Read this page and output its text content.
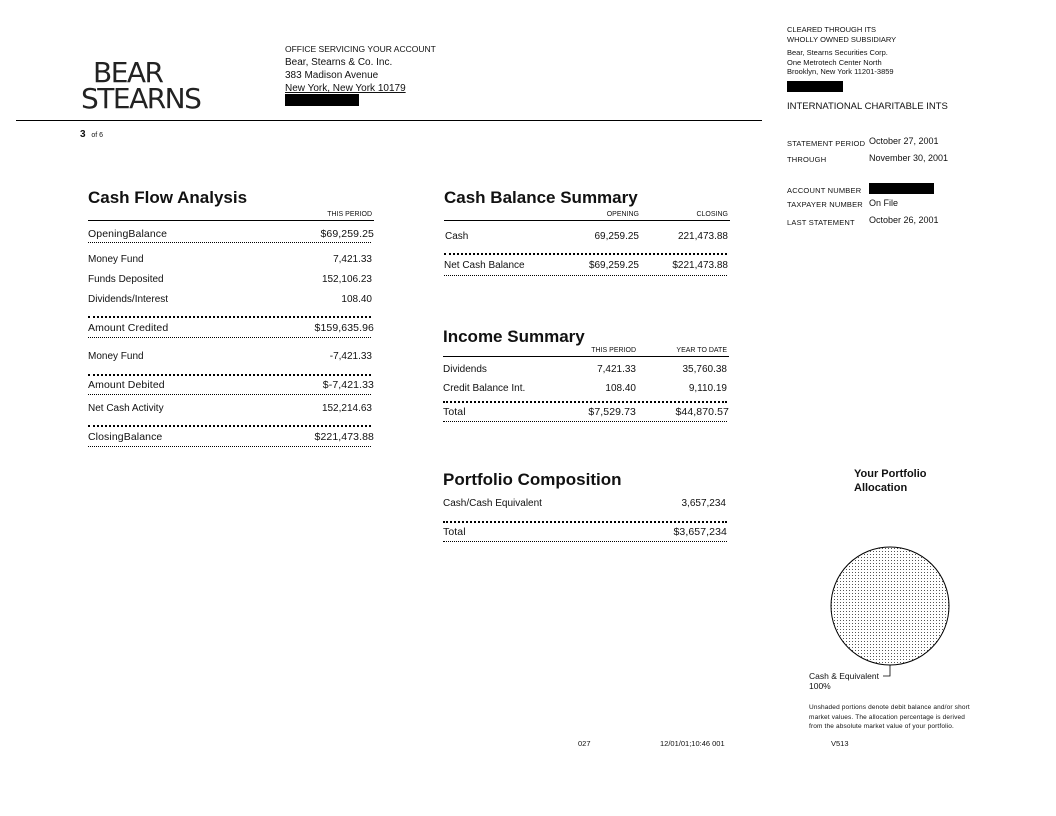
BEAR
STEARNS
OFFICE SERVICING YOUR ACCOUNT
Bear, Stearns & Co. Inc.
383 Madison Avenue
New York, New York 10179
CLEARED THROUGH ITS
WHOLLY OWNED SUBSIDIARY
Bear, Stearns Securities Corp.
One Metrotech Center North
Brooklyn, New York 11201-3859
INTERNATIONAL CHARITABLE INTS
3 of 6
STATEMENT PERIOD October 27, 2001
THROUGH	November 30, 2001
ACCOUNT NUMBER
TAXPAYER NUMBER On File
LAST STATEMENT October 26, 2001
Cash Flow Analysis
THIS PERIOD
OpeningBalance	$69,259.25
Money Fund	7,421.33
Funds Deposited	152,106.23
Dividends/Interest	108.40
Amount Credited	$159,635.96
Money Fund	-7,421.33
Amount Debited	$-7,421.33
Net Cash Activity	152,214.63
ClosingBalance	$221,473.88
Cash Balance Summary
OPENING	CLOSING
Cash	69,259.25	221,473.88
Net Cash Balance	$69,259.25	$221,473.88
Income Summary
THIS PERIOD	YEAR TO DATE
Dividends	7,421.33	35,760.38
Credit Balance Int.	108.40	9,110.19
Total	$7,529.73	$44,870.57
Portfolio Composition
Cash/Cash Equivalent	3,657,234
Total	$3,657,234
Your Portfolio
Allocation
Cash & Equivalent
100%
Unshaded portions denote debit balance and/or short
market values. The allocation percentage is derived
from the absolute market value of your portfolio.
027	12/01/01;10:46 001	V513
